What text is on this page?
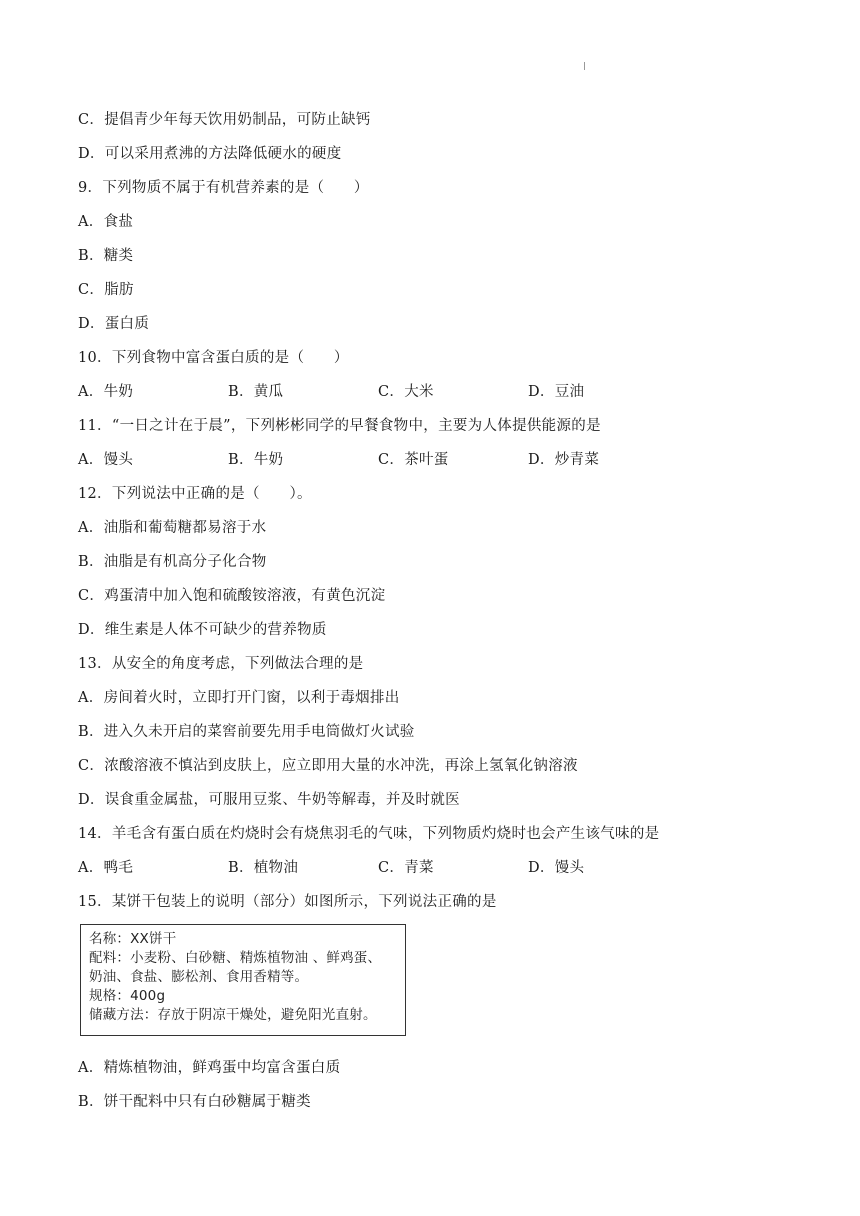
C．提倡青少年每天饮用奶制品，可防止缺钙
D．可以采用煮沸的方法降低硬水的硬度
9．下列物质不属于有机营养素的是（　　）
A．食盐
B．糖类
C．脂肪
D．蛋白质
10．下列食物中富含蛋白质的是（　　）
A．牛奶	B．黄瓜	C．大米	D．豆油
11．“一日之计在于晨”，下列彬彬同学的早餐食物中，主要为人体提供能源的是
A．馒头	B．牛奶	C．茶叶蛋	D．炒青菜
12．下列说法中正确的是（　　）。
A．油脂和葡萄糖都易溶于水
B．油脂是有机高分子化合物
C．鸡蛋清中加入饱和硫酸铵溶液，有黄色沉淀
D．维生素是人体不可缺少的营养物质
13．从安全的角度考虑，下列做法合理的是
A．房间着火时，立即打开门窗，以利于毒烟排出
B．进入久未开启的菜窖前要先用手电筒做灯火试验
C．浓酸溶液不慎沾到皮肤上，应立即用大量的水冲洗，再涂上氢氧化钠溶液
D．误食重金属盐，可服用豆浆、牛奶等解毒，并及时就医
14．羊毛含有蛋白质在灼烧时会有烧焦羽毛的气味，下列物质灼烧时也会产生该气味的是
A．鸭毛	B．植物油	C．青菜	D．馒头
15．某饼干包装上的说明（部分）如图所示，下列说法正确的是
名称：XX饼干
配料：小麦粉、白砂糖、精炼植物油 、鲜鸡蛋、
奶油、食盐、膨松剂、食用香精等。
规格：400g
储藏方法：存放于阴凉干燥处，避免阳光直射。
A．精炼植物油，鲜鸡蛋中均富含蛋白质
B．饼干配料中只有白砂糖属于糖类
